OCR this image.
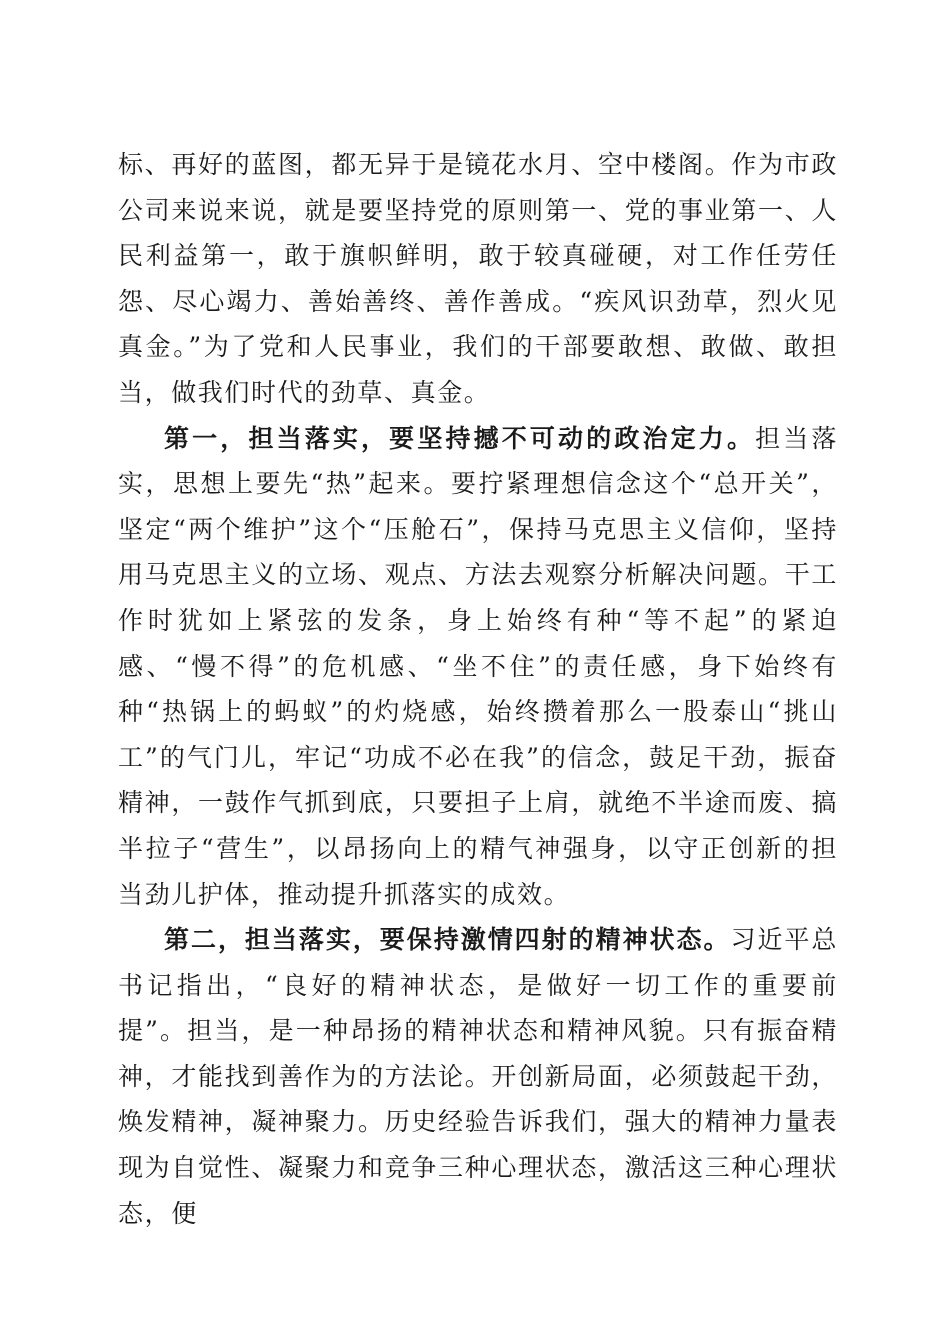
标、再好的蓝图，都无异于是镜花水月、空中楼阁。作为市政公司来说来说，就是要坚持党的原则第一、党的事业第一、人民利益第一，敢于旗帜鲜明，敢于较真碰硬，对工作任劳任怨、尽心竭力、善始善终、善作善成。“疾风识劲草，烈火见真金。”为了党和人民事业，我们的干部要敢想、敢做、敢担当，做我们时代的劲草、真金。

第一，担当落实，要坚持撼不可动的政治定力。担当落实，思想上要先“热”起来。要拧紧理想信念这个“总开关”，坚定“两个维护”这个“压舱石”，保持马克思主义信仰，坚持用马克思主义的立场、观点、方法去观察分析解决问题。干工作时犹如上紧弦的发条，身上始终有种“等不起”的紧迫感、“慢不得”的危机感、“坐不住”的责任感，身下始终有种“热锅上的蚂蚁”的灼烧感，始终攒着那么一股泰山“挑山工”的气门儿，牢记“功成不必在我”的信念，鼓足干劲，振奋精神，一鼓作气抓到底，只要担子上肩，就绝不半途而废、搞半拉子“营生”，以昂扬向上的精气神强身，以守正创新的担当劲儿护体，推动提升抓落实的成效。

第二，担当落实，要保持激情四射的精神状态。习近平总书记指出，“良好的精神状态，是做好一切工作的重要前提”。担当，是一种昂扬的精神状态和精神风貌。只有振奋精神，才能找到善作为的方法论。开创新局面，必须鼓起干劲，焕发精神，凝神聚力。历史经验告诉我们，强大的精神力量表现为自觉性、凝聚力和竞争三种心理状态，激活这三种心理状态，便
